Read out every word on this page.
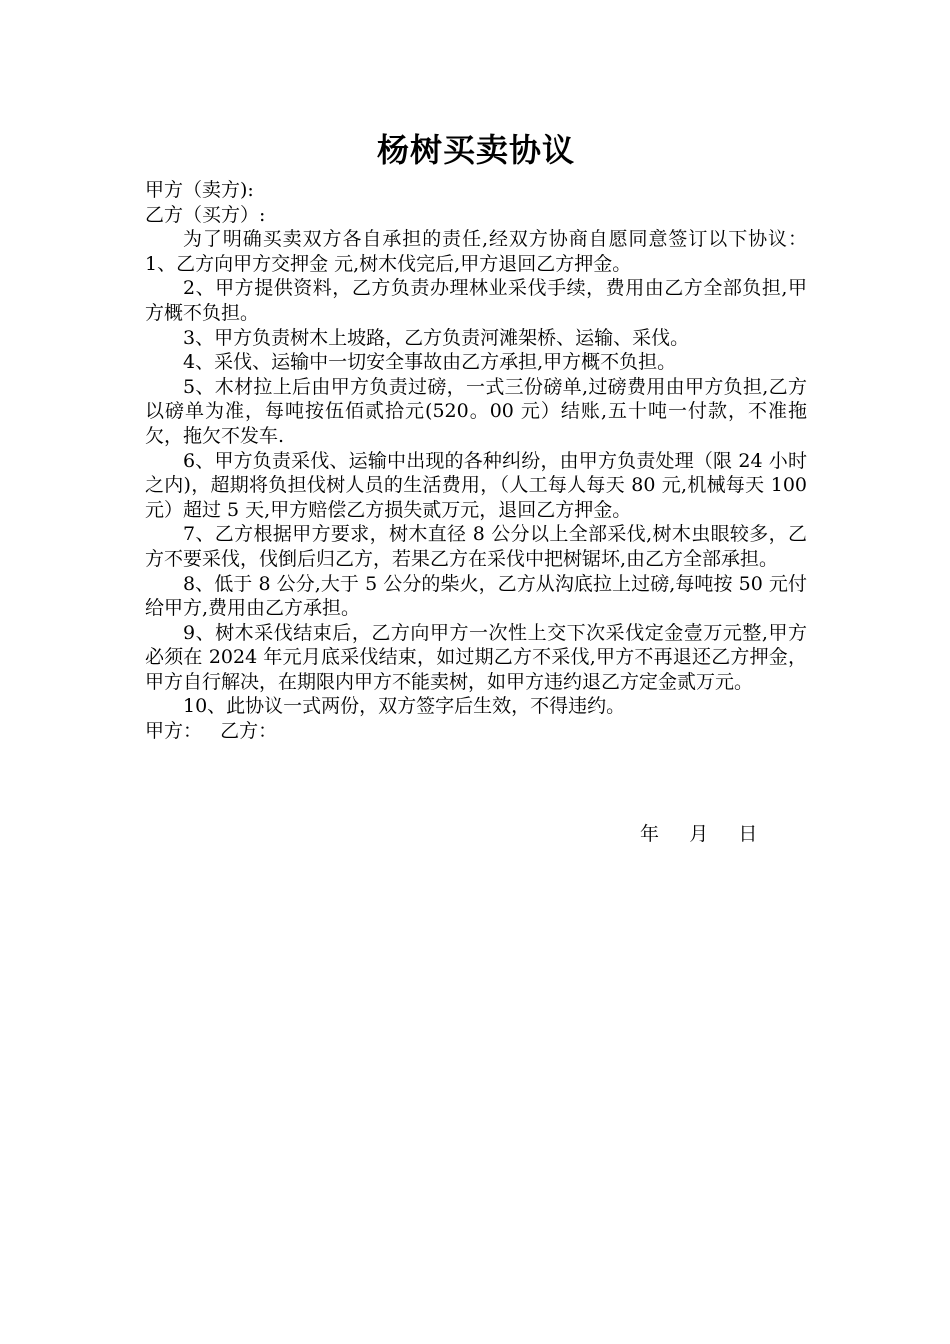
杨树买卖协议

甲方（卖方):

乙方（买方）:

为了明确买卖双方各自承担的责任,经双方协商自愿同意签订以下协议：1、乙方向甲方交押金 元,树木伐完后,甲方退回乙方押金。

2、甲方提供资料，乙方负责办理林业采伐手续，费用由乙方全部负担,甲方概不负担。

3、甲方负责树木上坡路，乙方负责河滩架桥、运输、采伐。

4、采伐、运输中一切安全事故由乙方承担,甲方概不负担。

5、木材拉上后由甲方负责过磅，一式三份磅单,过磅费用由甲方负担,乙方以磅单为准，每吨按伍佰贰拾元(520。00 元）结账,五十吨一付款，不准拖欠，拖欠不发车.

6、甲方负责采伐、运输中出现的各种纠纷，由甲方负责处理（限 24 小时之内)，超期将负担伐树人员的生活费用，（人工每人每天 80 元,机械每天 100 元）超过 5 天,甲方赔偿乙方损失贰万元，退回乙方押金。

7、乙方根据甲方要求，树木直径 8 公分以上全部采伐,树木虫眼较多，乙方不要采伐，伐倒后归乙方，若果乙方在采伐中把树锯坏,由乙方全部承担。

8、低于 8 公分,大于 5 公分的柴火，乙方从沟底拉上过磅,每吨按 50 元付给甲方,费用由乙方承担。

9、树木采伐结束后，乙方向甲方一次性上交下次采伐定金壹万元整,甲方必须在 2024 年元月底采伐结束，如过期乙方不采伐,甲方不再退还乙方押金，甲方自行解决，在期限内甲方不能卖树，如甲方违约退乙方定金贰万元。

10、此协议一式两份，双方签字后生效，不得违约。

甲方：   乙方：

年     月     日
